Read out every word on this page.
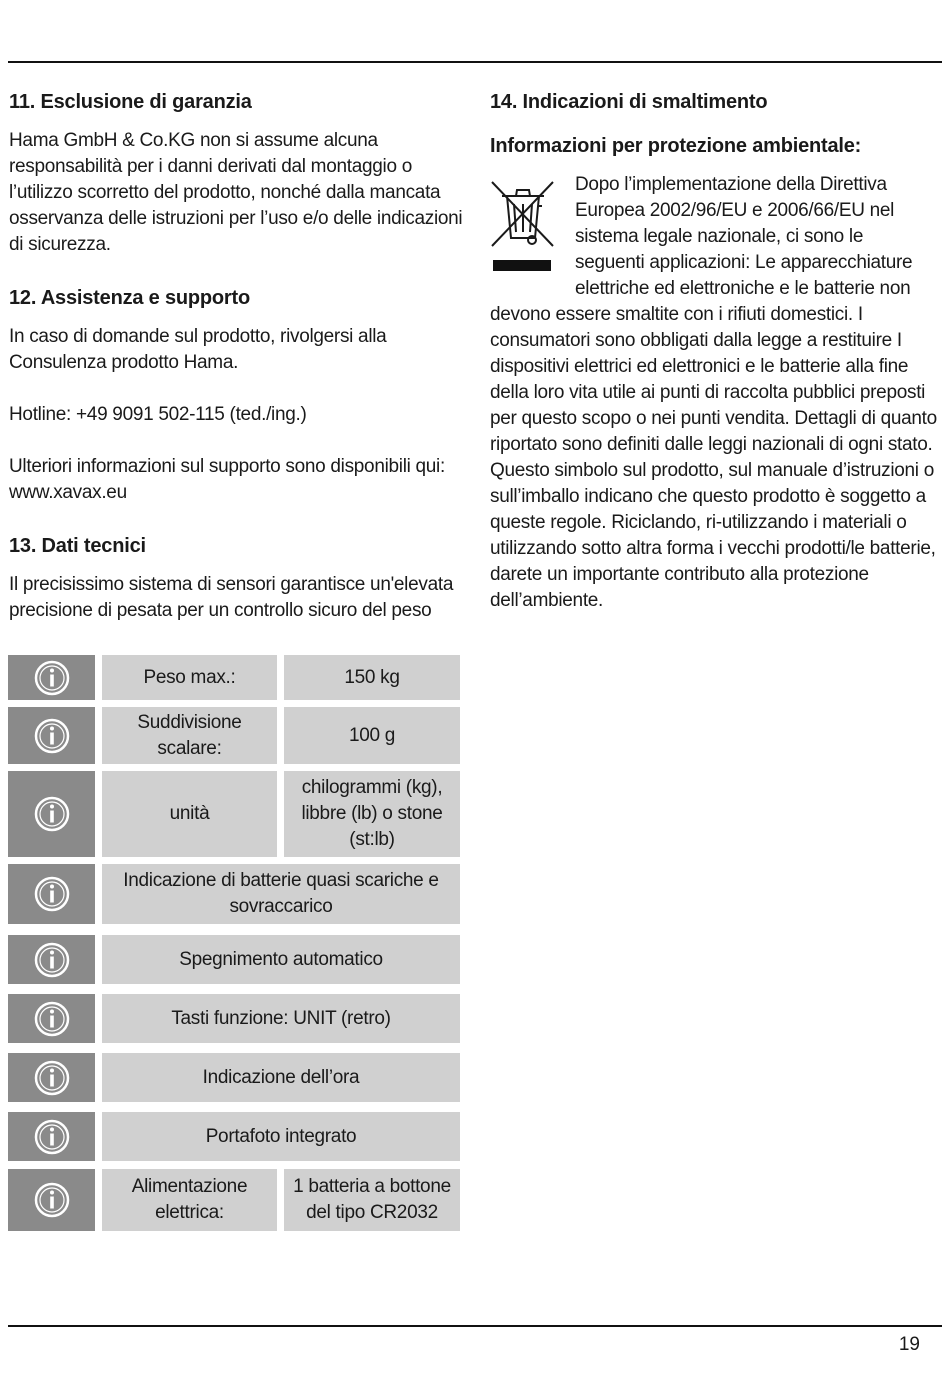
11. Esclusione di garanzia

Hama GmbH & Co.KG non si assume alcuna responsabilità per i danni derivati dal montaggio o l’utilizzo scorretto del prodotto, nonché dalla mancata osservanza delle istruzioni per l’uso e/o delle indicazioni di sicurezza.

12. Assistenza e supporto

In caso di domande sul prodotto, rivolgersi alla Consulenza prodotto Hama.

Hotline: +49 9091 502-115 (ted./ing.)

Ulteriori informazioni sul supporto sono disponibili qui: www.xavax.eu

13. Dati tecnici

Il precisissimo sistema di sensori garantisce un'elevata precisione di pesata per un controllo sicuro del peso

Peso max.:	150 kg
Suddivisione scalare:
100 g
unità
chilogrammi (kg), libbre (lb) o stone (st:lb)
Indicazione di batterie quasi scariche e sovraccarico
Spegnimento automatico
Tasti funzione: UNIT (retro)
Indicazione dell’ora
Portafoto integrato
Alimentazione elettrica:
1 batteria a bottone del tipo CR2032
14. Indicazioni di smaltimento
Informazioni per protezione ambientale:
Dopo l’implementazione della Direttiva
Europea 2002/96/EU e 2006/66/EU nel
sistema legale nazionale, ci sono le
seguenti applicazioni: Le apparecchiature
elettriche ed elettroniche e le batterie non
devono essere smaltite con i rifiuti domestici. I consumatori sono obbligati dalla legge a restituire I dispositivi elettrici ed elettronici e le batterie alla fine della loro vita utile ai punti di raccolta pubblici preposti per questo scopo o nei punti vendita. Dettagli di quanto riportato sono definiti dalle leggi nazionali di ogni stato. Questo simbolo sul prodotto, sul manuale d’istruzioni o sull’imballo indicano che questo prodotto è soggetto a queste regole. Riciclando, ri-utilizzando i materiali o utilizzando sotto altra forma i vecchi prodotti/le batterie, darete un importante contributo alla protezione dell’ambiente.
19
